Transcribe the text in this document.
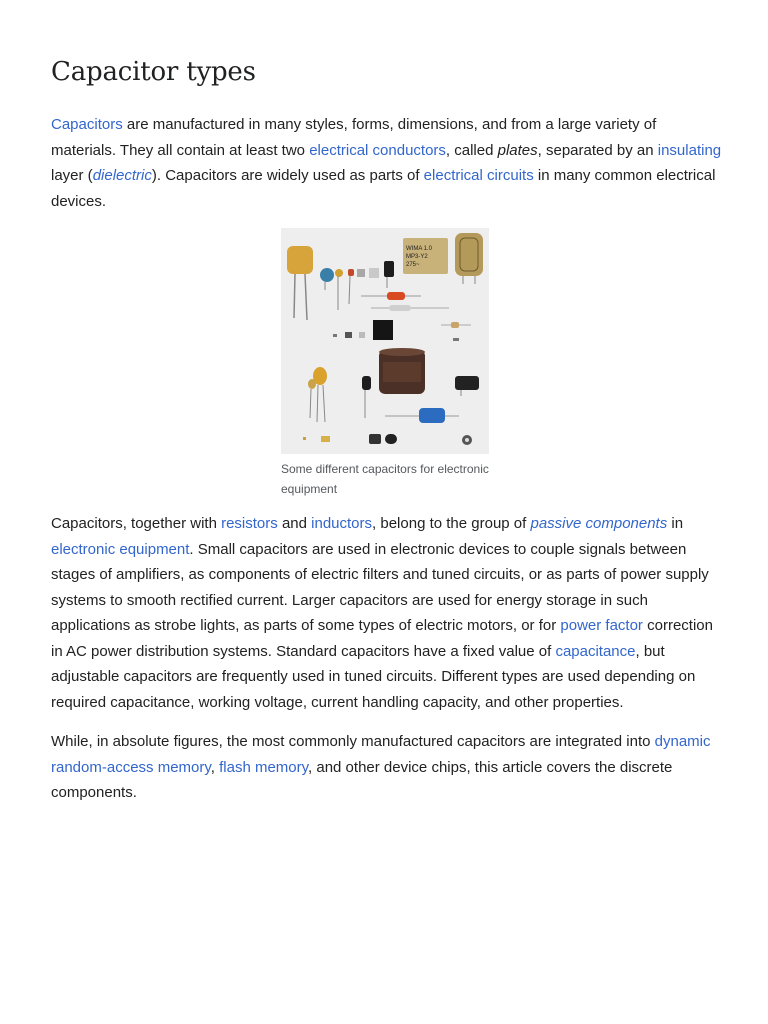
Capacitor types

Capacitors are manufactured in many styles, forms, dimensions, and from a large variety of materials. They all contain at least two electrical conductors, called plates, separated by an insulating layer (dielectric). Capacitors are widely used as parts of electrical circuits in many common electrical devices.

WIMA 1.0
MP3-Y2
275~
Some different capacitors for electronic equipment

Capacitors, together with resistors and inductors, belong to the group of passive components in electronic equipment. Small capacitors are used in electronic devices to couple signals between stages of amplifiers, as components of electric filters and tuned circuits, or as parts of power supply systems to smooth rectified current. Larger capacitors are used for energy storage in such applications as strobe lights, as parts of some types of electric motors, or for power factor correction in AC power distribution systems. Standard capacitors have a fixed value of capacitance, but adjustable capacitors are frequently used in tuned circuits. Different types are used depending on required capacitance, working voltage, current handling capacity, and other properties.

While, in absolute figures, the most commonly manufactured capacitors are integrated into dynamic random-access memory, flash memory, and other device chips, this article covers the discrete components.
